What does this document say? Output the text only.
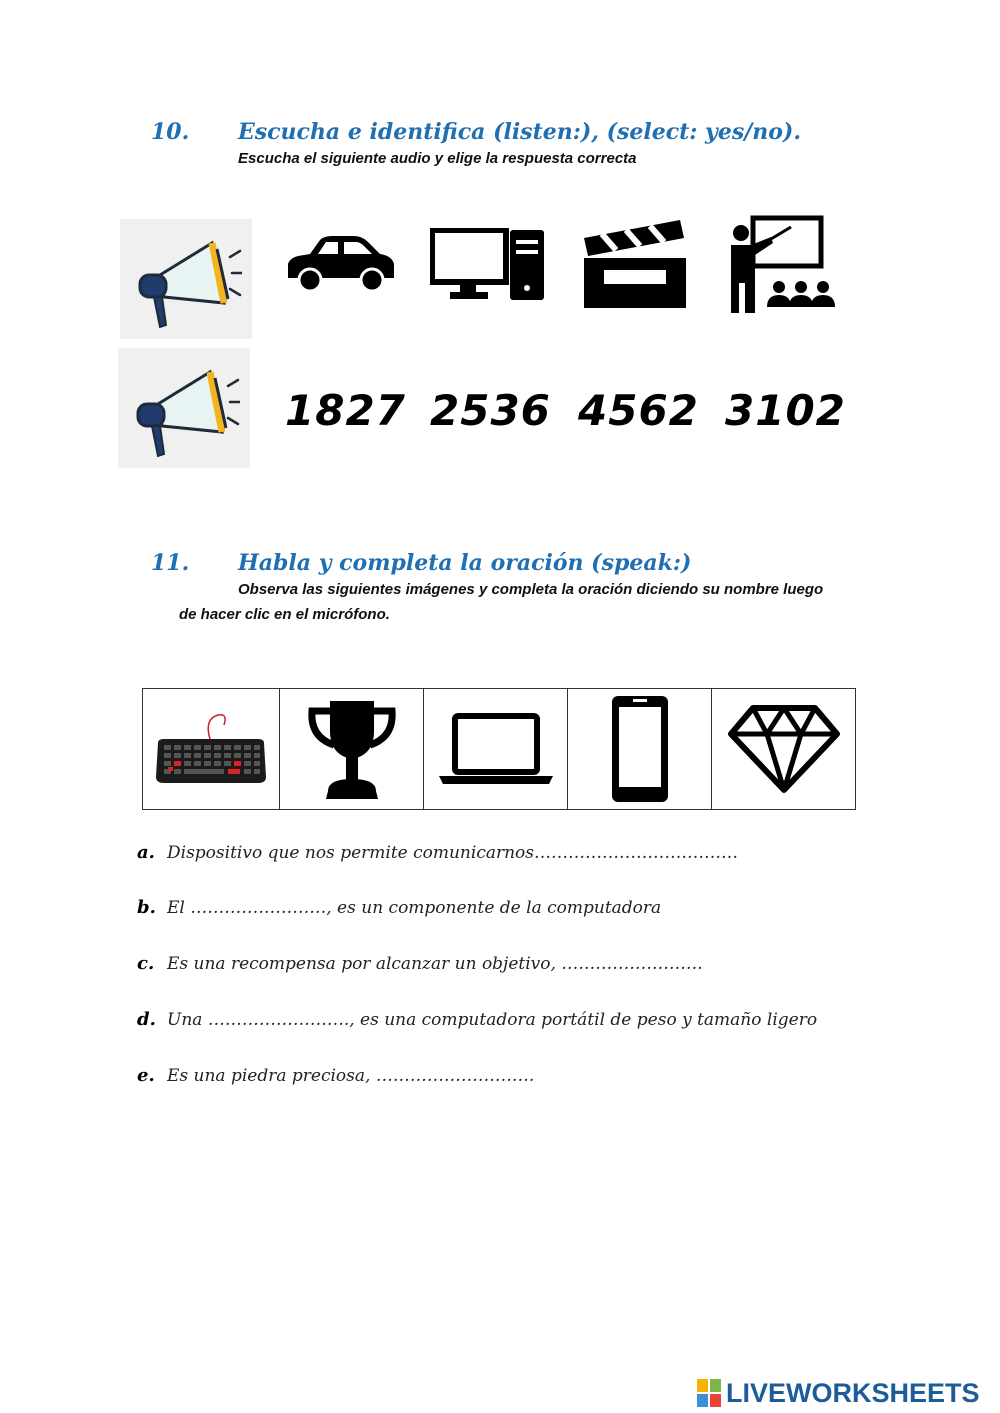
10. Escucha e identifica (listen:), (select: yes/no).
Escucha el siguiente audio y elige la respuesta correcta
1827 2536 4562 3102
11. Habla y completa la oración (speak:)
Observa las siguientes imágenes y completa la oración diciendo su nombre luego
de hacer clic en el micrófono.
a. Dispositivo que nos permite comunicarnos………………………………
b. El ……………………, es un componente de la computadora
c. Es una recompensa por alcanzar un objetivo, …………………….
d. Una ……………………., es una computadora portátil de peso y tamaño ligero
e. Es una piedra preciosa, ……………………….
LIVEWORKSHEETS
